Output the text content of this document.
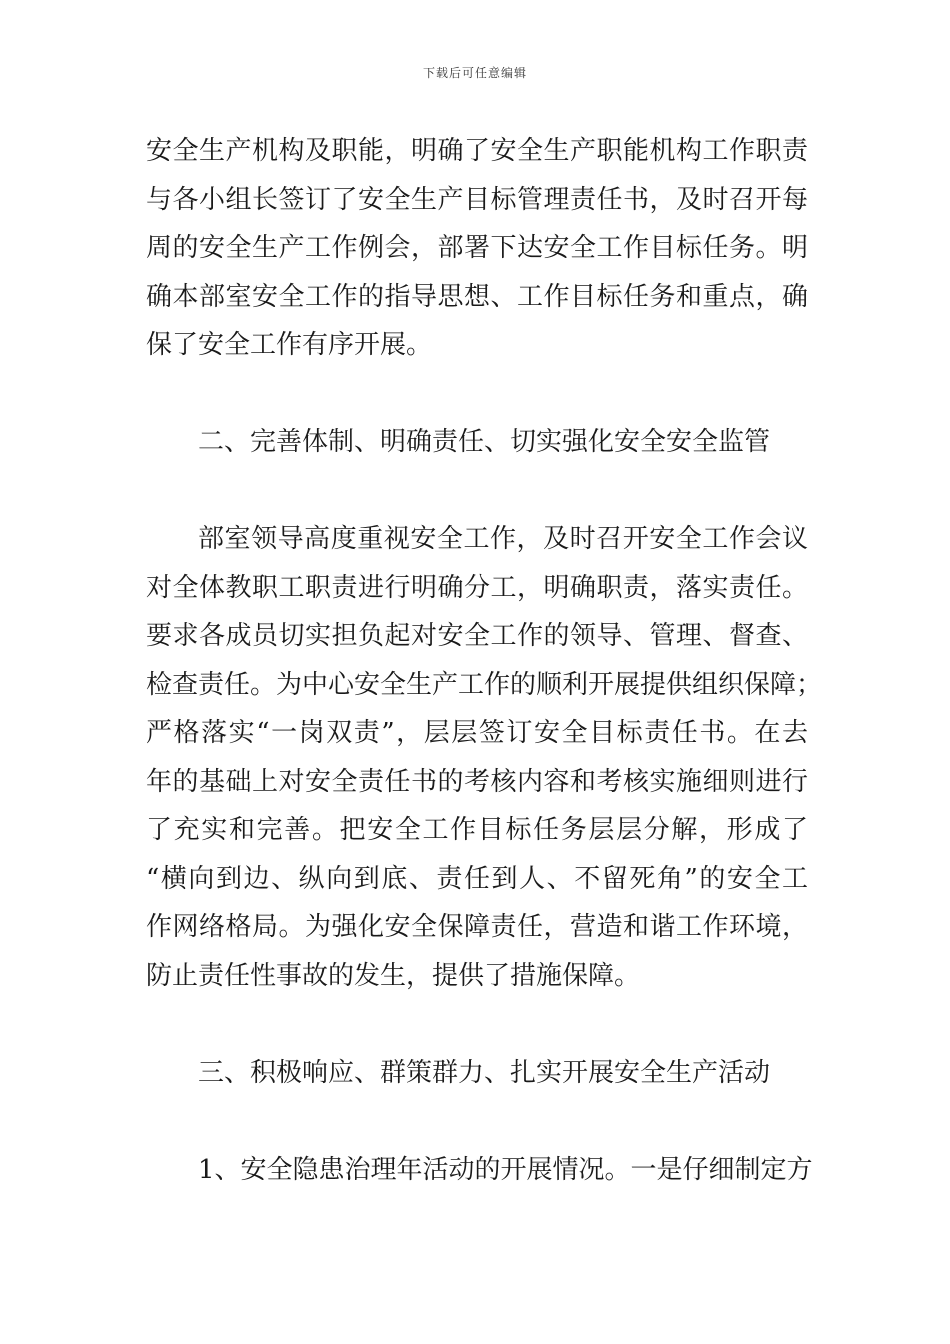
下载后可任意编辑
安全生产机构及职能，明确了安全生产职能机构工作职责
与各小组长签订了安全生产目标管理责任书，及时召开每
周的安全生产工作例会，部署下达安全工作目标任务。明
确本部室安全工作的指导思想、工作目标任务和重点，确
保了安全工作有序开展。
二、完善体制、明确责任、切实强化安全安全监管
部室领导高度重视安全工作，及时召开安全工作会议
对全体教职工职责进行明确分工，明确职责，落实责任。
要求各成员切实担负起对安全工作的领导、管理、督查、
检查责任。为中心安全生产工作的顺利开展提供组织保障；
严格落实“一岗双责”，层层签订安全目标责任书。在去
年的基础上对安全责任书的考核内容和考核实施细则进行
了充实和完善。把安全工作目标任务层层分解，形成了
“横向到边、纵向到底、责任到人、不留死角”的安全工
作网络格局。为强化安全保障责任，营造和谐工作环境，
防止责任性事故的发生，提供了措施保障。
三、积极响应、群策群力、扎实开展安全生产活动
1、安全隐患治理年活动的开展情况。一是仔细制定方
